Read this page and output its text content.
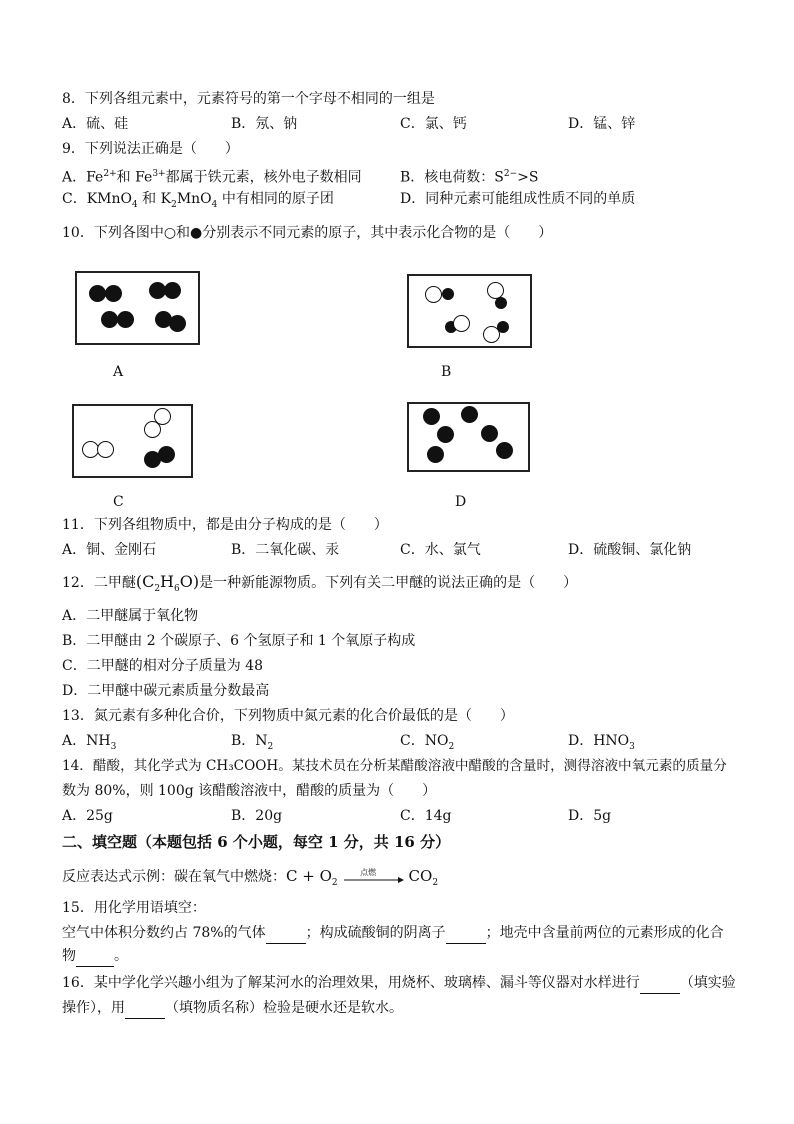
8．下列各组元素中，元素符号的第一个字母不相同的一组是
A．硫、硅	B．氖、钠	C．氯、钙	D．锰、锌
9．下列说法正确是（　　）
A．$Fe^{2+}$和 $Fe^{3+}$都属于铁元素，核外电子数相同	B．核电荷数：$S^{2-}>S$
C．KMnO$_4$ 和 $K_2MnO_4$ 中有相同的原子团	D．同种元素可能组成性质不同的单质
10．下列各图中○和●分别表示不同元素的原子，其中表示化合物的是（　　）
A	B
C	D
11．下列各组物质中，都是由分子构成的是（　　）
A．铜、金刚石	B．二氧化碳、汞	C．水、氯气	D．硫酸铜、氯化钠
12．二甲醚$(C_2H_6O)$是一种新能源物质。下列有关二甲醚的说法正确的是（　　）
A．二甲醚属于氧化物
B．二甲醚由 2 个碳原子、6 个氢原子和 1 个氧原子构成
C．二甲醚的相对分子质量为 48
D．二甲醚中碳元素质量分数最高
13．氮元素有多种化合价，下列物质中氮元素的化合价最低的是（　　）
A．$NH_3$	B．$N_2$	C．$NO_2$	D．$HNO_3$
14．醋酸，其化学式为 CH₃COOH。某技术员在分析某醋酸溶液中醋酸的含量时，测得溶液中氧元素的质量分
数为 80%，则 100g 该醋酸溶液中，醋酸的质量为（　　）
A．25g	B．20g	C．14g	D．5g
二、填空题（本题包括 6 个小题，每空 1 分，共 16 分）
反应表达式示例：碳在氧气中燃烧：$C + O_2$
点燃 $CO_2$
15．用化学用语填空：
空气中体积分数约占 78%的气体	；构成硫酸铜的阴离子	；地壳中含量前两位的元素形成的化合
物	。
16．某中学化学兴趣小组为了解某河水的治理效果，用烧杯、玻璃棒、漏斗等仪器对水样进行	（填实验
操作），用	（填物质名称）检验是硬水还是软水。
